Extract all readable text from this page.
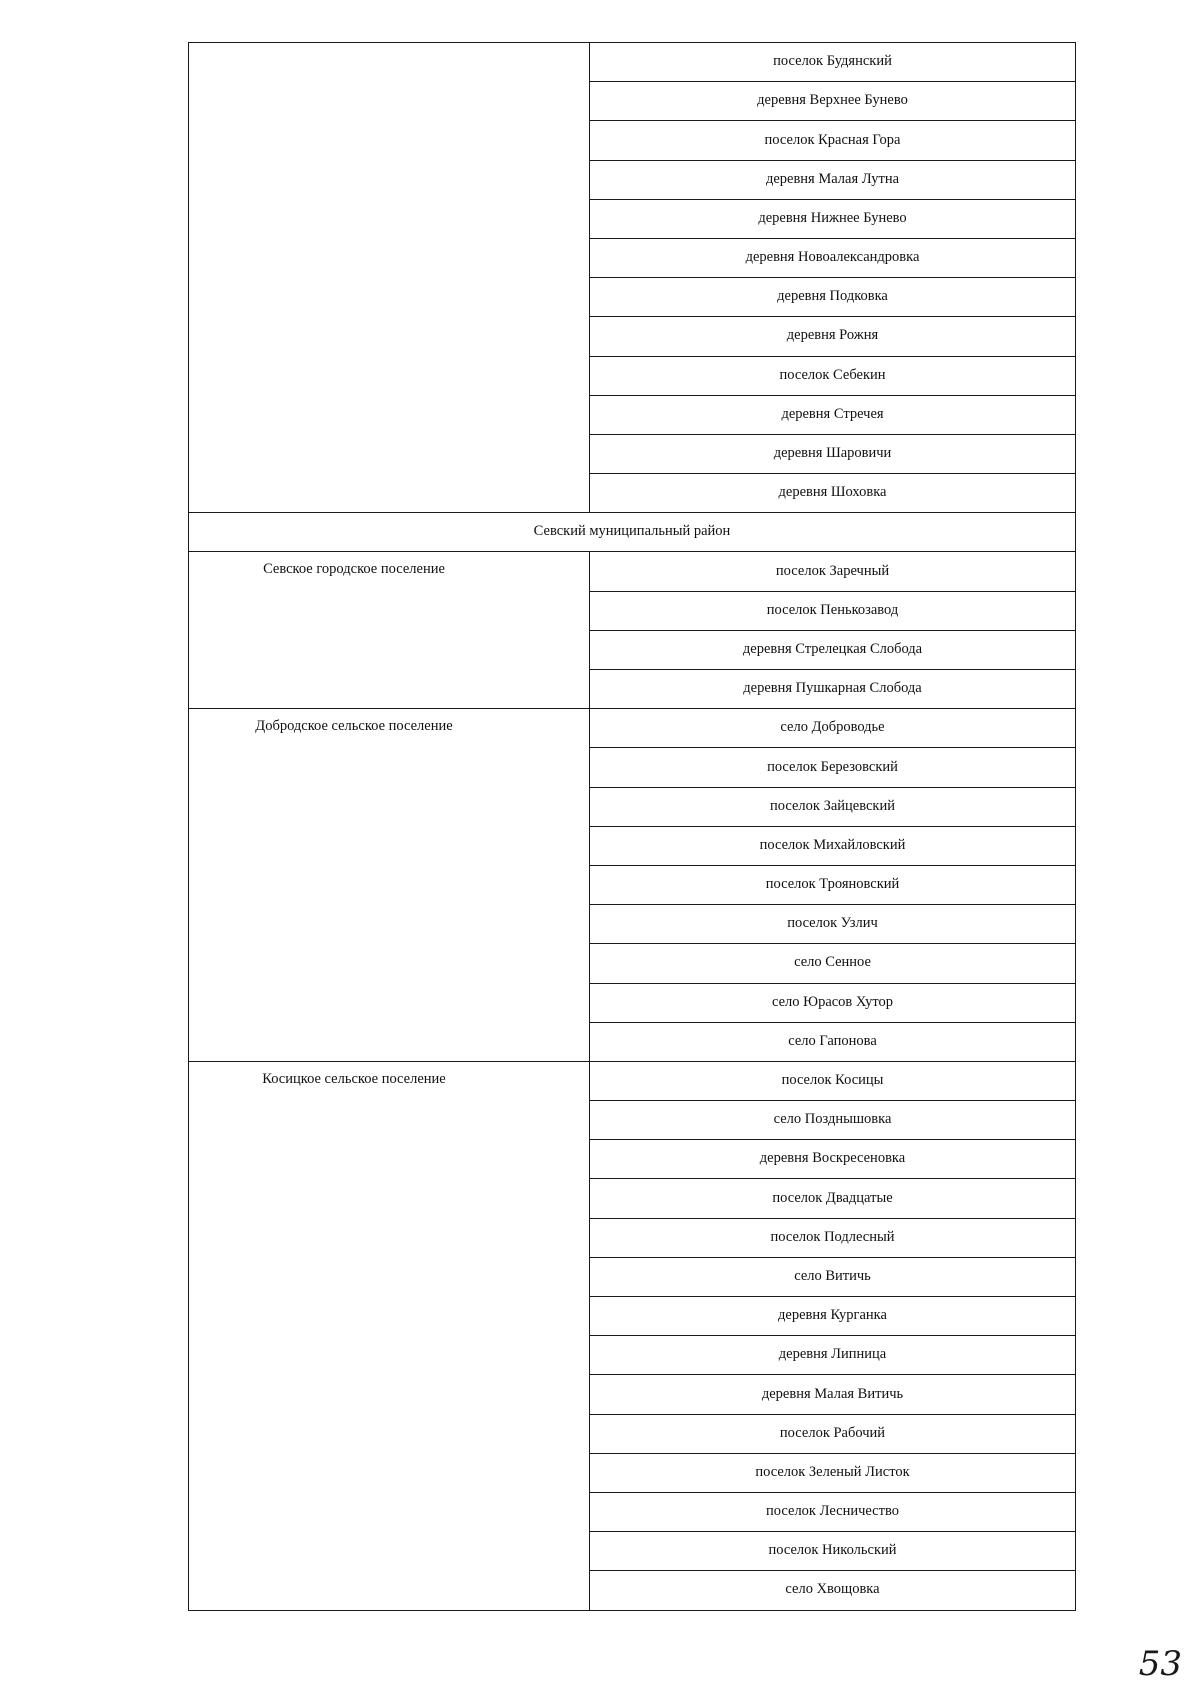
	поселок Будянский
	деревня Верхнее Бунево
	поселок Красная Гора
	деревня Малая Лутна
	деревня Нижнее Бунево
	деревня Новоалександровка
	деревня Подковка
	деревня Рожня
	поселок Себекин
	деревня Стречея
	деревня Шаровичи
	деревня Шоховка
Севский муниципальный район	

Севское городское поселение	поселок Заречный
	поселок Пенькозавод
	деревня Стрелецкая Слобода
	деревня Пушкарная Слобода

Добродское сельское поселение	село Доброводье
	поселок Березовский
	поселок Зайцевский
	поселок Михайловский
	поселок Трояновский
	поселок Узлич
	село Сенное
	село Юрасов Хутор
	село Гапонова

Косицкое сельское поселение	поселок Косицы
	село Позднышовка
	деревня Воскресеновка
	поселок Двадцатые
	поселок Подлесный
	село Витичь
	деревня Курганка
	деревня Липница
	деревня Малая Витичь
	поселок Рабочий
	поселок Зеленый Листок
	поселок Лесничество
	поселок Никольский
	село Хвощовка
53
